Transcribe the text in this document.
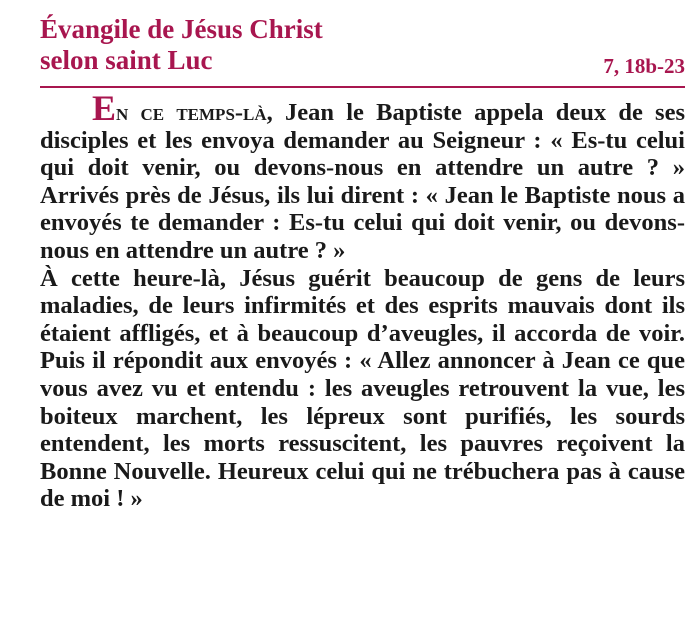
Évangile de Jésus Christ
selon saint Luc	7, 18b-23

En ce temps-là, Jean le Baptiste appela deux de ses disciples et les envoya demander au Seigneur : « Es-tu celui qui doit venir, ou devons-nous en attendre un autre ? » Arrivés près de Jésus, ils lui dirent : « Jean le Baptiste nous a envoyés te demander : Es-tu celui qui doit venir, ou devons-nous en attendre un autre ? »

À cette heure-là, Jésus guérit beaucoup de gens de leurs maladies, de leurs infirmités et des esprits mauvais dont ils étaient affligés, et à beaucoup d’aveugles, il accorda de voir. Puis il répondit aux envoyés : « Allez annoncer à Jean ce que vous avez vu et entendu : les aveugles retrouvent la vue, les boiteux marchent, les lépreux sont purifiés, les sourds entendent, les morts ressuscitent, les pauvres reçoivent la Bonne Nouvelle. Heureux celui qui ne trébuchera pas à cause de moi ! »
